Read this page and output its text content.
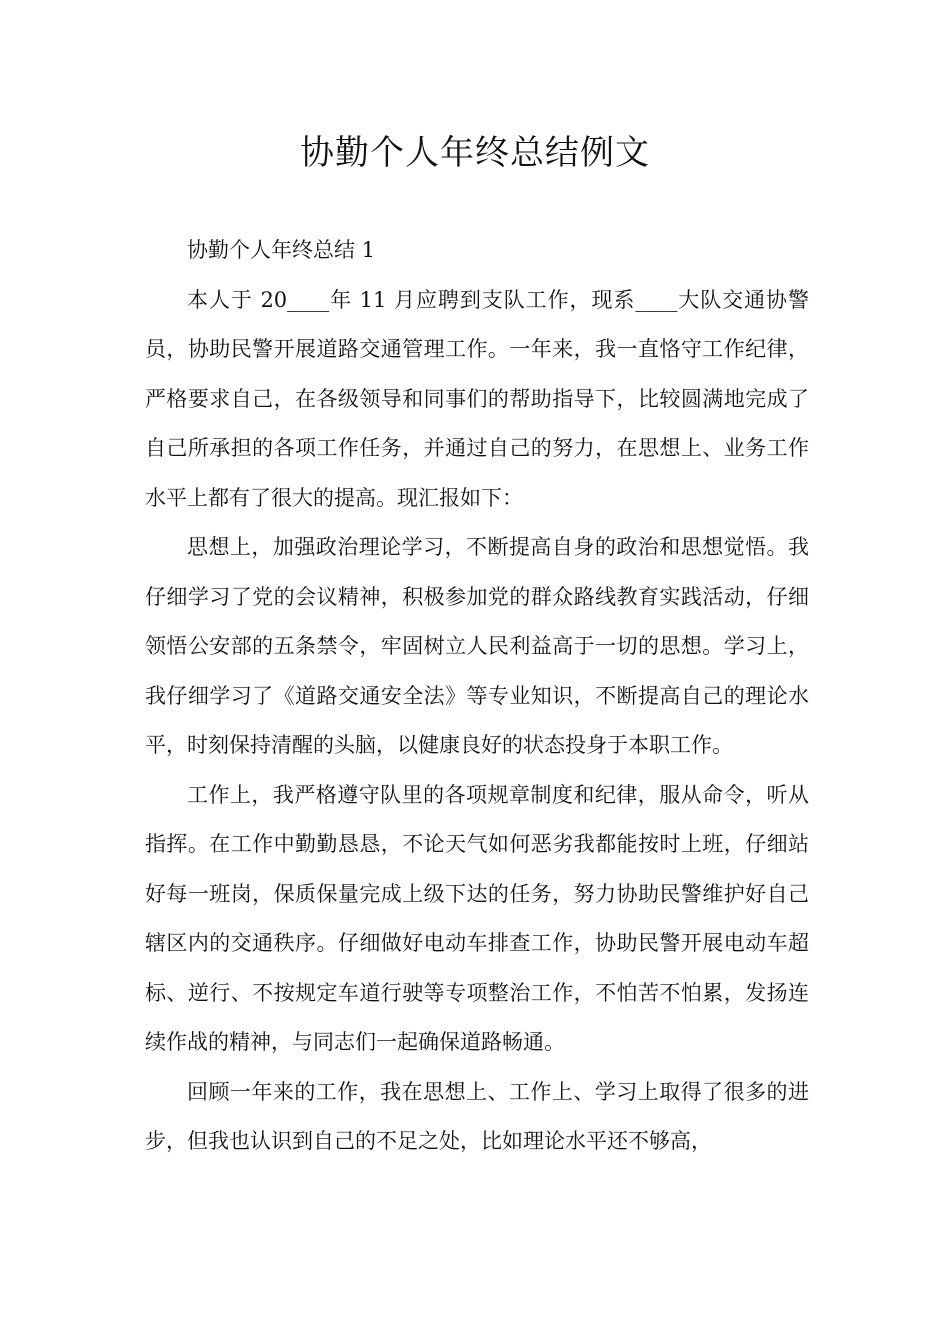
协勤个人年终总结例文

协勤个人年终总结 1

本人于 20____年 11 月应聘到支队工作，现系____大队交通协警员，协助民警开展道路交通管理工作。一年来，我一直恪守工作纪律，严格要求自己，在各级领导和同事们的帮助指导下，比较圆满地完成了自己所承担的各项工作任务，并通过自己的努力，在思想上、业务工作水平上都有了很大的提高。现汇报如下：

思想上，加强政治理论学习，不断提高自身的政治和思想觉悟。我仔细学习了党的会议精神，积极参加党的群众路线教育实践活动，仔细领悟公安部的五条禁令，牢固树立人民利益高于一切的思想。学习上，我仔细学习了《道路交通安全法》等专业知识，不断提高自己的理论水平，时刻保持清醒的头脑，以健康良好的状态投身于本职工作。

工作上，我严格遵守队里的各项规章制度和纪律，服从命令，听从指挥。在工作中勤勤恳恳，不论天气如何恶劣我都能按时上班，仔细站好每一班岗，保质保量完成上级下达的任务，努力协助民警维护好自己辖区内的交通秩序。仔细做好电动车排查工作，协助民警开展电动车超标、逆行、不按规定车道行驶等专项整治工作，不怕苦不怕累，发扬连续作战的精神，与同志们一起确保道路畅通。

回顾一年来的工作，我在思想上、工作上、学习上取得了很多的进步，但我也认识到自己的不足之处，比如理论水平还不够高，
